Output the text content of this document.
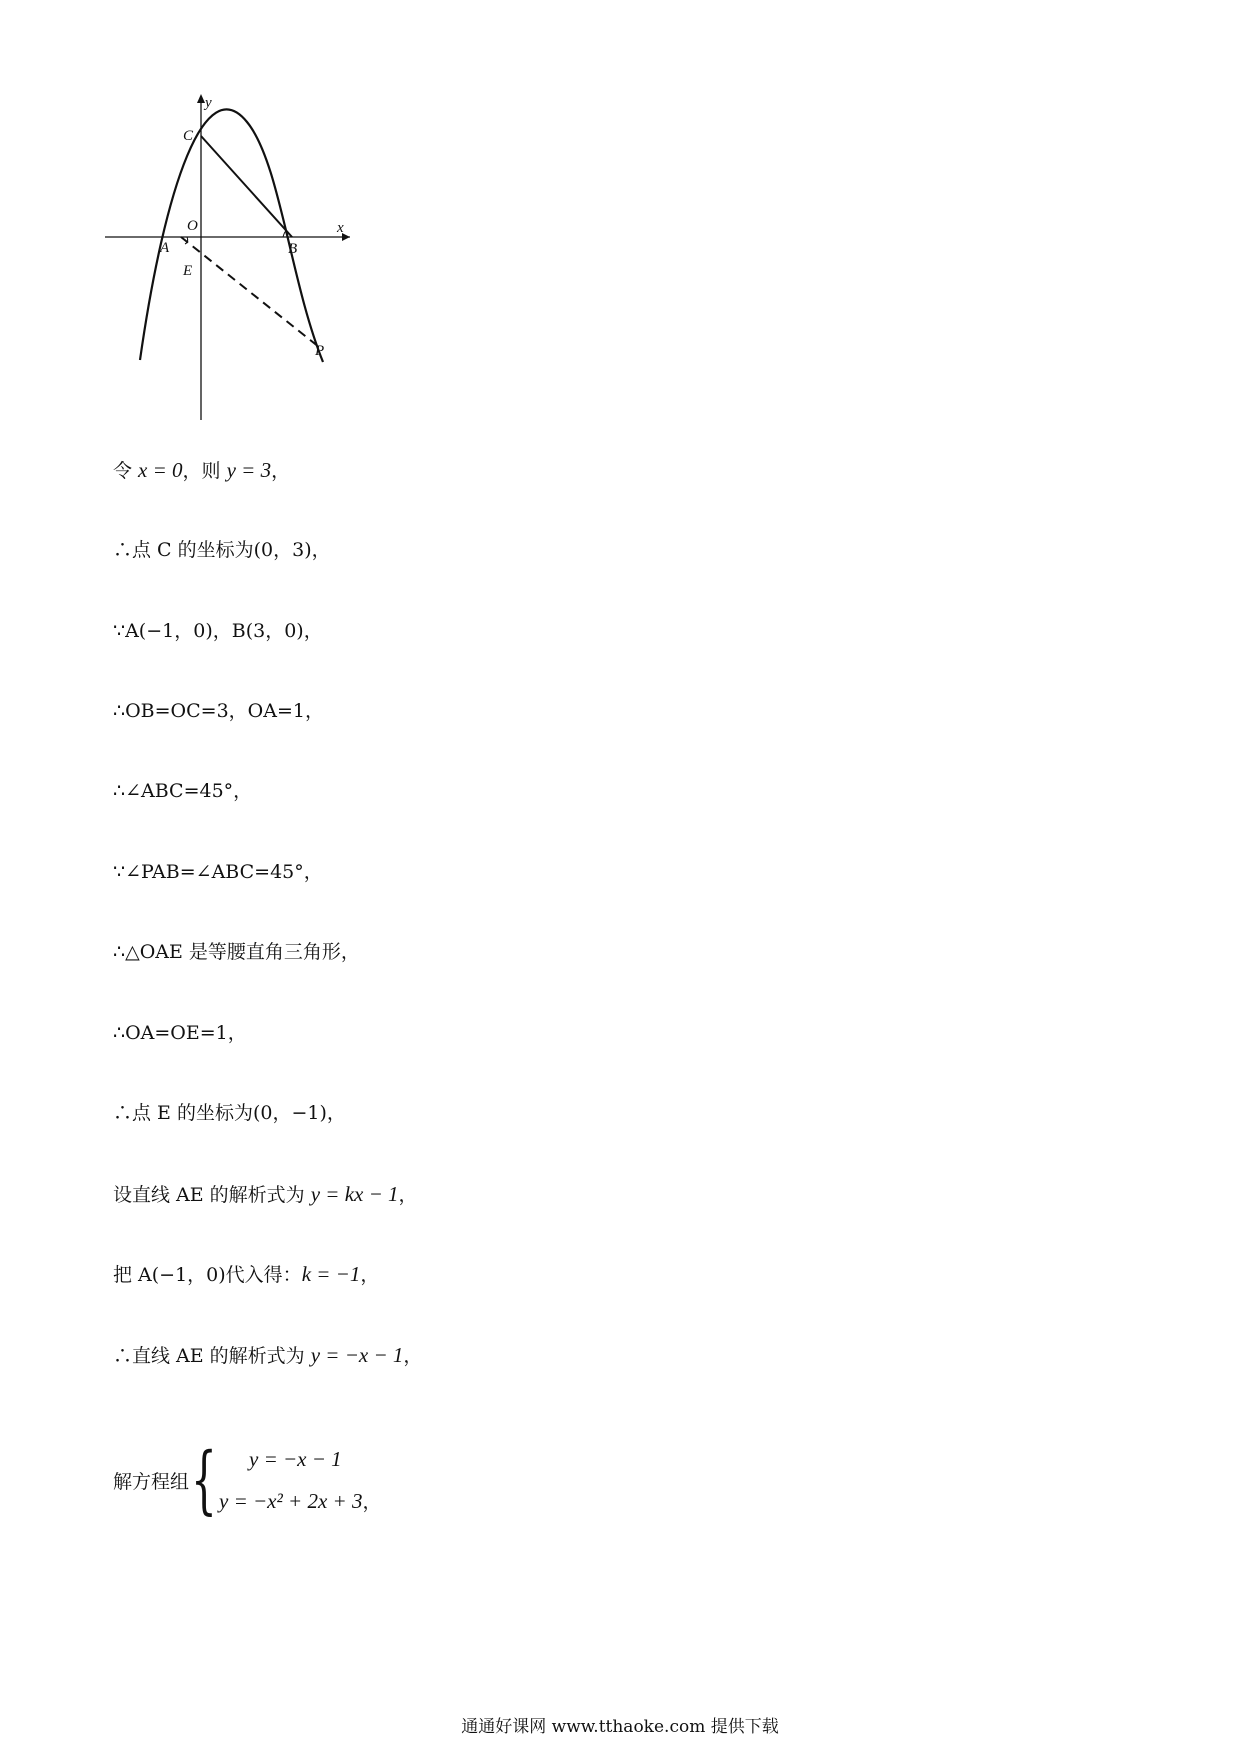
y
x
C
O
A	B
E
P
令 x = 0，则 y = 3，
∴点 C 的坐标为(0，3)，
∵A(−1，0)，B(3，0)，
∴OB=OC=3，OA=1，
∴∠ABC=45°，
∵∠PAB=∠ABC=45°，
∴△OAE 是等腰直角三角形，
∴OA=OE=1，
∴点 E 的坐标为(0，−1)，
设直线 AE 的解析式为 y = kx − 1，
把 A(−1，0)代入得：k = −1，
∴直线 AE 的解析式为 y = −x − 1，
解方程组 {	y = −x − 1
y = −x² + 2x + 3 ，
通通好课网 www.tthaoke.com 提供下载
